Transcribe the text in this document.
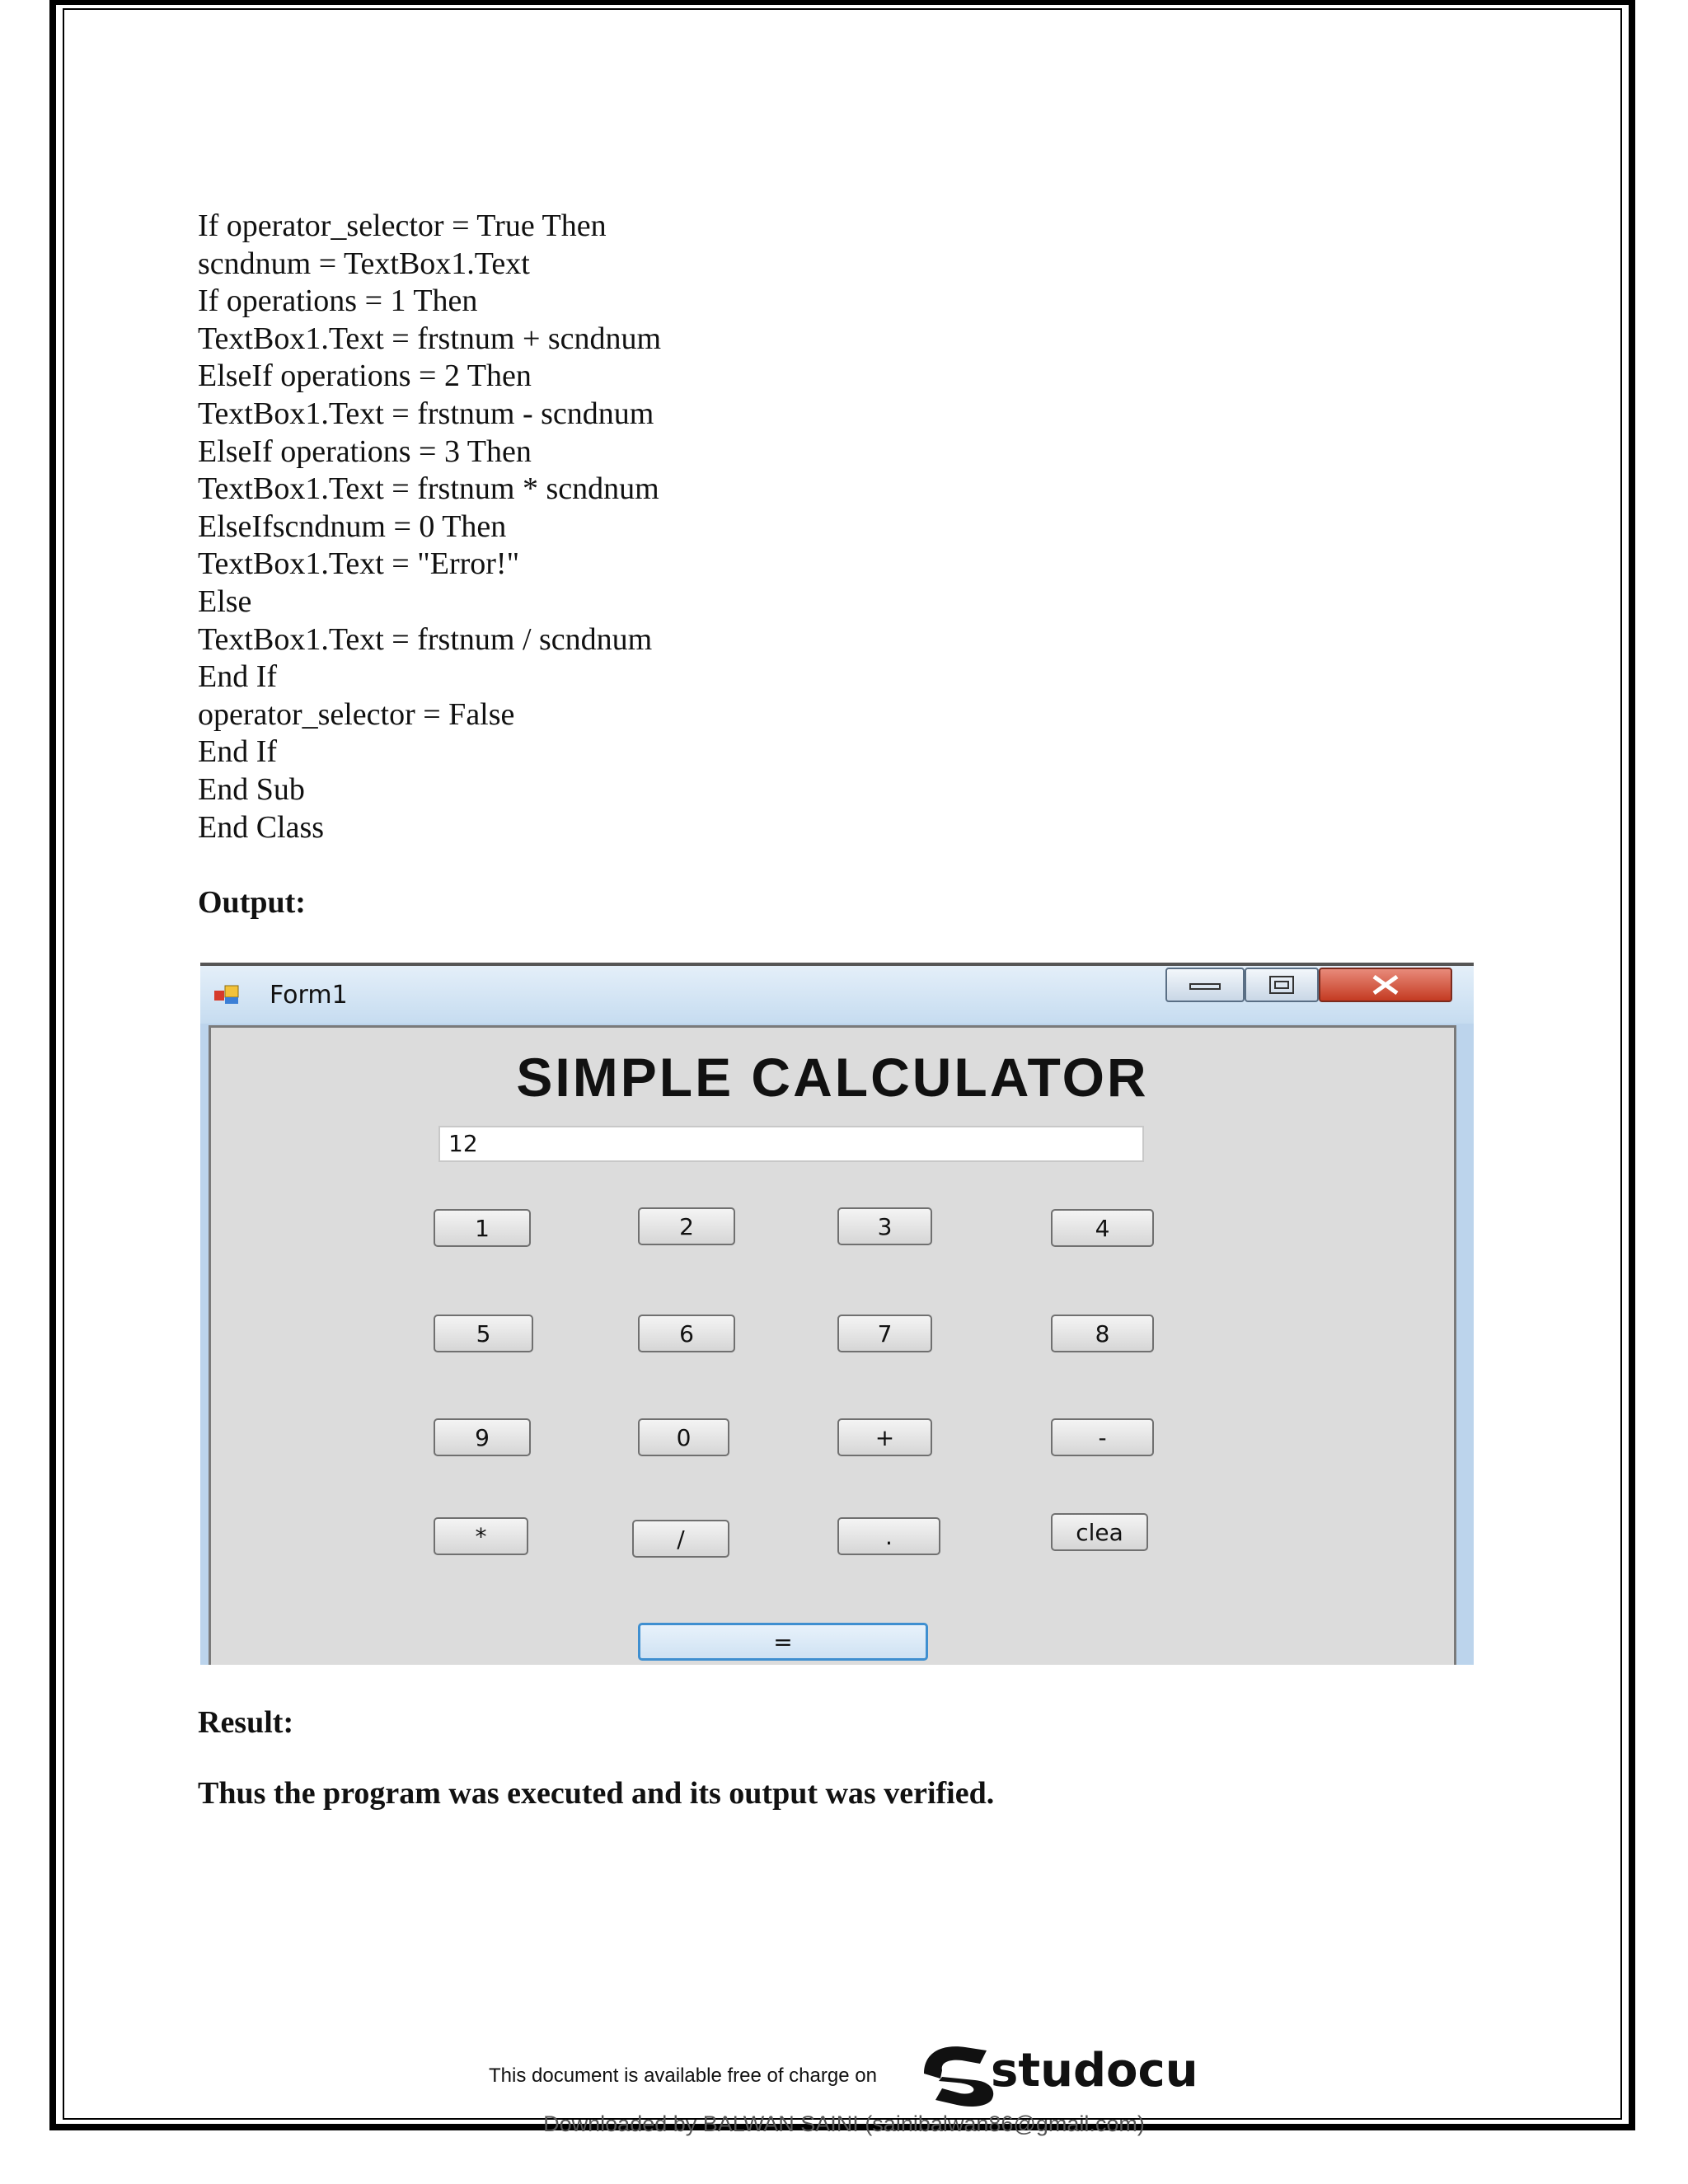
If operator_selector = True Then
scndnum = TextBox1.Text
If operations = 1 Then
TextBox1.Text = frstnum + scndnum
ElseIf operations = 2 Then
TextBox1.Text = frstnum - scndnum
ElseIf operations = 3 Then
TextBox1.Text = frstnum * scndnum
ElseIfscndnum = 0 Then
TextBox1.Text = "Error!"
Else
TextBox1.Text = frstnum / scndnum
End If
operator_selector = False
End If
End Sub
End Class
Output:
Form1
SIMPLE CALCULATOR
12
1	2	3	4
5	6	7	8
9	0	+	-
*	/	.	clea
=
Result:
Thus the program was executed and its output was verified.
This document is available free of charge on studocu
Downloaded by BALWAN SAINI (sainibalwan86@gmail.com)
